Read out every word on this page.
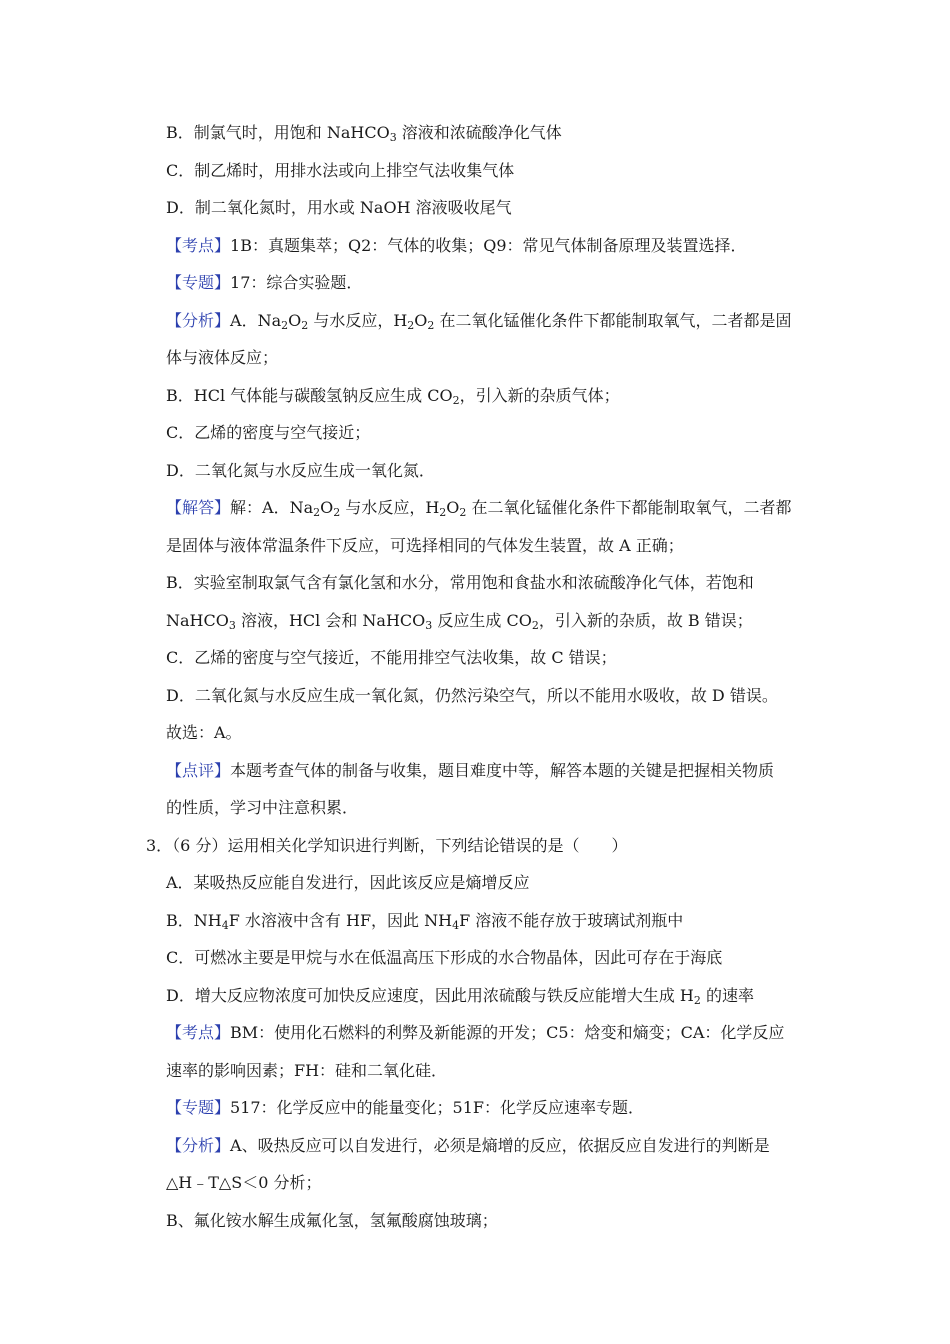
B．制氯气时，用饱和 NaHCO$_3$ 溶液和浓硫酸净化气体
C．制乙烯时，用排水法或向上排空气法收集气体
D．制二氧化氮时，用水或 NaOH 溶液吸收尾气
【考点】1B：真题集萃；Q2：气体的收集；Q9：常见气体制备原理及装置选择．
【专题】17：综合实验题．
【分析】A．$Na_2O_2$ 与水反应，$H_2O_2$ 在二氧化锰催化条件下都能制取氧气，二者都是固
体与液体反应；
B．HCl 气体能与碳酸氢钠反应生成 $CO_2$，引入新的杂质气体；
C．乙烯的密度与空气接近；
D．二氧化氮与水反应生成一氧化氮．
【解答】解：A．$Na_2O_2$ 与水反应，$H_2O_2$ 在二氧化锰催化条件下都能制取氧气，二者都
是固体与液体常温条件下反应，可选择相同的气体发生装置，故 A 正确；
B．实验室制取氯气含有氯化氢和水分，常用饱和食盐水和浓硫酸净化气体，若饱和
NaHCO$_3$ 溶液，HCl 会和 NaHCO$_3$ 反应生成 $CO_2$，引入新的杂质，故 B 错误；
C．乙烯的密度与空气接近，不能用排空气法收集，故 C 错误；
D．二氧化氮与水反应生成一氧化氮，仍然污染空气，所以不能用水吸收，故 D 错误。
故选：A。
【点评】本题考查气体的制备与收集，题目难度中等，解答本题的关键是把握相关物质
的性质，学习中注意积累．
3．（6 分）运用相关化学知识进行判断，下列结论错误的是（　　）
A．某吸热反应能自发进行，因此该反应是熵增反应
B．$NH_4F$ 水溶液中含有 HF，因此 $NH_4F$ 溶液不能存放于玻璃试剂瓶中
C．可燃冰主要是甲烷与水在低温高压下形成的水合物晶体，因此可存在于海底
D．增大反应物浓度可加快反应速度，因此用浓硫酸与铁反应能增大生成 $H_2$ 的速率
【考点】BM：使用化石燃料的利弊及新能源的开发；C5：焓变和熵变；CA：化学反应
速率的影响因素；FH：硅和二氧化硅．
【专题】517：化学反应中的能量变化；51F：化学反应速率专题．
【分析】A、吸热反应可以自发进行，必须是熵增的反应，依据反应自发进行的判断是
△H﹣T△S＜0 分析；
B、氟化铵水解生成氟化氢，氢氟酸腐蚀玻璃；
